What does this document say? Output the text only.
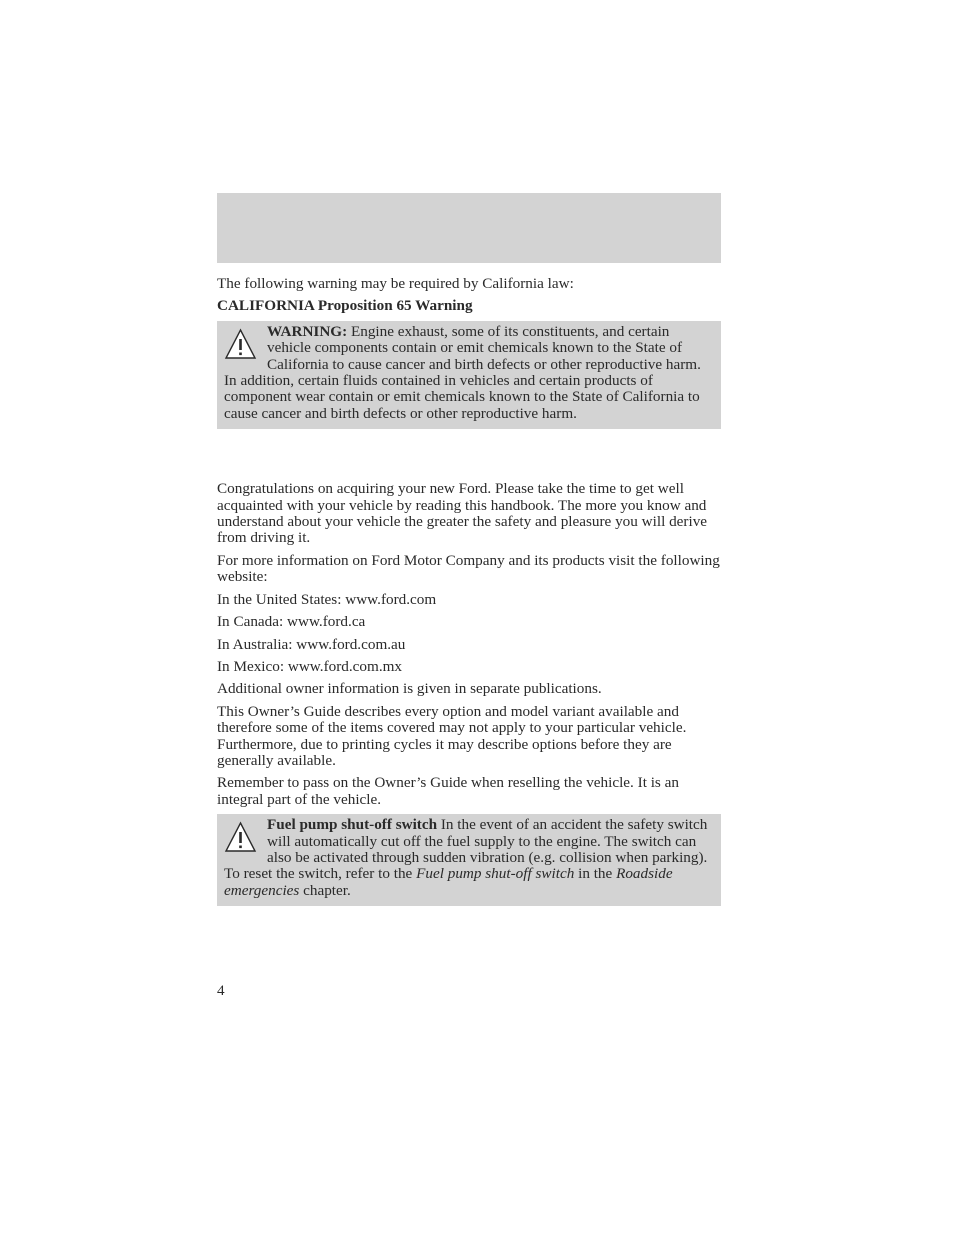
The following warning may be required by California law:

CALIFORNIA Proposition 65 Warning

WARNING: Engine exhaust, some of its constituents, and certain vehicle components contain or emit chemicals known to the State of California to cause cancer and birth defects or other reproductive harm. In addition, certain fluids contained in vehicles and certain products of component wear contain or emit chemicals known to the State of California to cause cancer and birth defects or other reproductive harm.

Congratulations on acquiring your new Ford. Please take the time to get well acquainted with your vehicle by reading this handbook. The more you know and understand about your vehicle the greater the safety and pleasure you will derive from driving it.

For more information on Ford Motor Company and its products visit the following website:

In the United States: www.ford.com

In Canada: www.ford.ca

In Australia: www.ford.com.au

In Mexico: www.ford.com.mx

Additional owner information is given in separate publications.

This Owner’s Guide describes every option and model variant available and therefore some of the items covered may not apply to your particular vehicle. Furthermore, due to printing cycles it may describe options before they are generally available.

Remember to pass on the Owner’s Guide when reselling the vehicle. It is an integral part of the vehicle.

Fuel pump shut-off switch In the event of an accident the safety switch will automatically cut off the fuel supply to the engine. The switch can also be activated through sudden vibration (e.g. collision when parking). To reset the switch, refer to the Fuel pump shut-off switch in the Roadside emergencies chapter.
4
